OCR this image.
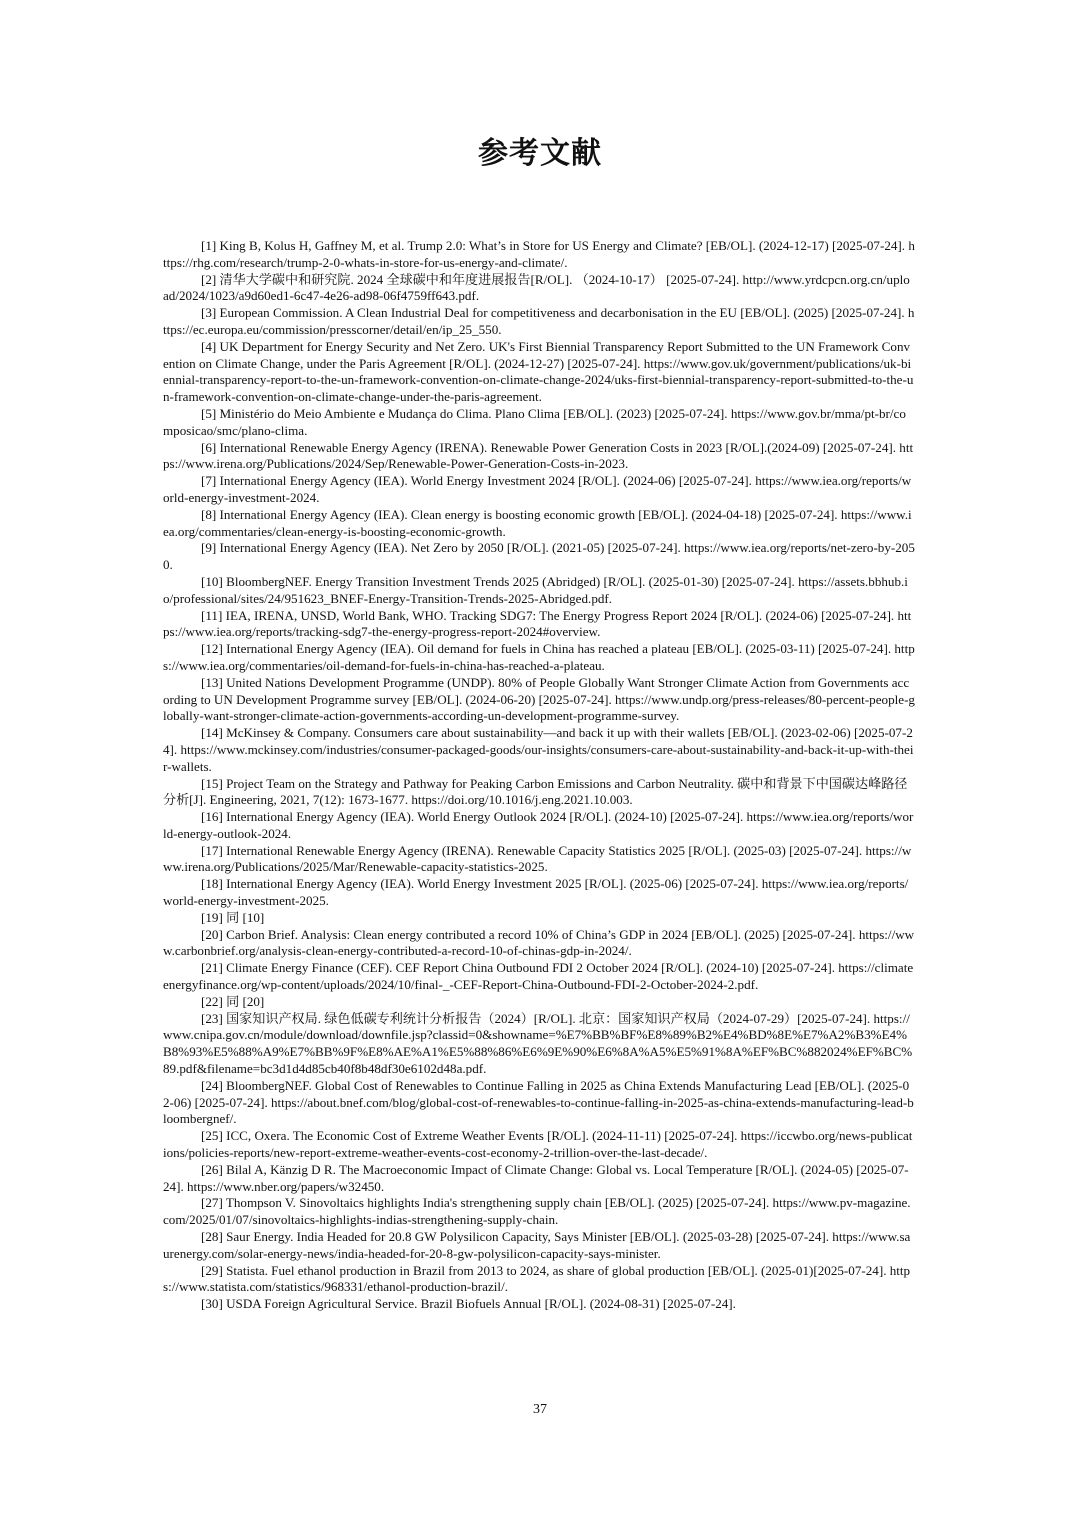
参考文献

[1] King B, Kolus H, Gaffney M, et al. Trump 2.0: What’s in Store for US Energy and Climate? [EB/OL]. (2024-12-17) [2025-07-24]. https://rhg.com/research/trump-2-0-whats-in-store-for-us-energy-and-climate/.

[2] 清华大学碳中和研究院. 2024 全球碳中和年度进展报告[R/OL]. （2024-10-17） [2025-07-24]. http://www.yrdcpcn.org.cn/upload/2024/1023/a9d60ed1-6c47-4e26-ad98-06f4759ff643.pdf.

[3] European Commission. A Clean Industrial Deal for competitiveness and decarbonisation in the EU [EB/OL]. (2025) [2025-07-24]. https://ec.europa.eu/commission/presscorner/detail/en/ip_25_550.

[4] UK Department for Energy Security and Net Zero. UK's First Biennial Transparency Report Submitted to the UN Framework Convention on Climate Change, under the Paris Agreement [R/OL]. (2024-12-27) [2025-07-24]. https://www.gov.uk/government/publications/uk-biennial-transparency-report-to-the-un-framework-convention-on-climate-change-2024/uks-first-biennial-transparency-report-submitted-to-the-un-framework-convention-on-climate-change-under-the-paris-agreement.

[5] Ministério do Meio Ambiente e Mudança do Clima. Plano Clima [EB/OL]. (2023) [2025-07-24]. https://www.gov.br/mma/pt-br/composicao/smc/plano-clima.

[6] International Renewable Energy Agency (IRENA). Renewable Power Generation Costs in 2023 [R/OL].(2024-09) [2025-07-24]. https://www.irena.org/Publications/2024/Sep/Renewable-Power-Generation-Costs-in-2023.

[7] International Energy Agency (IEA). World Energy Investment 2024 [R/OL]. (2024-06) [2025-07-24]. https://www.iea.org/reports/world-energy-investment-2024.

[8] International Energy Agency (IEA). Clean energy is boosting economic growth [EB/OL]. (2024-04-18) [2025-07-24]. https://www.iea.org/commentaries/clean-energy-is-boosting-economic-growth.

[9] International Energy Agency (IEA). Net Zero by 2050 [R/OL]. (2021-05) [2025-07-24]. https://www.iea.org/reports/net-zero-by-2050.

[10] BloombergNEF. Energy Transition Investment Trends 2025 (Abridged) [R/OL]. (2025-01-30) [2025-07-24]. https://assets.bbhub.io/professional/sites/24/951623_BNEF-Energy-Transition-Trends-2025-Abridged.pdf.

[11] IEA, IRENA, UNSD, World Bank, WHO. Tracking SDG7: The Energy Progress Report 2024 [R/OL]. (2024-06) [2025-07-24]. https://www.iea.org/reports/tracking-sdg7-the-energy-progress-report-2024#overview.

[12] International Energy Agency (IEA). Oil demand for fuels in China has reached a plateau [EB/OL]. (2025-03-11) [2025-07-24]. https://www.iea.org/commentaries/oil-demand-for-fuels-in-china-has-reached-a-plateau.

[13] United Nations Development Programme (UNDP). 80% of People Globally Want Stronger Climate Action from Governments according to UN Development Programme survey [EB/OL]. (2024-06-20) [2025-07-24]. https://www.undp.org/press-releases/80-percent-people-globally-want-stronger-climate-action-governments-according-un-development-programme-survey.

[14] McKinsey & Company. Consumers care about sustainability—and back it up with their wallets [EB/OL]. (2023-02-06) [2025-07-24]. https://www.mckinsey.com/industries/consumer-packaged-goods/our-insights/consumers-care-about-sustainability-and-back-it-up-with-their-wallets.

[15] Project Team on the Strategy and Pathway for Peaking Carbon Emissions and Carbon Neutrality. 碳中和背景下中国碳达峰路径分析[J]. Engineering, 2021, 7(12): 1673-1677. https://doi.org/10.1016/j.eng.2021.10.003.

[16] International Energy Agency (IEA). World Energy Outlook 2024 [R/OL]. (2024-10) [2025-07-24]. https://www.iea.org/reports/world-energy-outlook-2024.

[17] International Renewable Energy Agency (IRENA). Renewable Capacity Statistics 2025 [R/OL]. (2025-03) [2025-07-24]. https://www.irena.org/Publications/2025/Mar/Renewable-capacity-statistics-2025.

[18] International Energy Agency (IEA). World Energy Investment 2025 [R/OL]. (2025-06) [2025-07-24]. https://www.iea.org/reports/world-energy-investment-2025.

[19] 同 [10]

[20] Carbon Brief. Analysis: Clean energy contributed a record 10% of China’s GDP in 2024 [EB/OL]. (2025) [2025-07-24]. https://www.carbonbrief.org/analysis-clean-energy-contributed-a-record-10-of-chinas-gdp-in-2024/.

[21] Climate Energy Finance (CEF). CEF Report China Outbound FDI 2 October 2024 [R/OL]. (2024-10) [2025-07-24]. https://climateenergyfinance.org/wp-content/uploads/2024/10/final-_-CEF-Report-China-Outbound-FDI-2-October-2024-2.pdf.

[22] 同 [20]

[23] 国家知识产权局. 绿色低碳专利统计分析报告（2024）[R/OL]. 北京：国家知识产权局（2024-07-29）[2025-07-24]. https://www.cnipa.gov.cn/module/download/downfile.jsp?classid=0&showname=%E7%BB%BF%E8%89%B2%E4%BD%8E%E7%A2%B3%E4%B8%93%E5%88%A9%E7%BB%9F%E8%AE%A1%E5%88%86%E6%9E%90%E6%8A%A5%E5%91%8A%EF%BC%882024%EF%BC%89.pdf&filename=bc3d1d4d85cb40f8b48df30e6102d48a.pdf.

[24] BloombergNEF. Global Cost of Renewables to Continue Falling in 2025 as China Extends Manufacturing Lead [EB/OL]. (2025-02-06) [2025-07-24]. https://about.bnef.com/blog/global-cost-of-renewables-to-continue-falling-in-2025-as-china-extends-manufacturing-lead-bloombergnef/.

[25] ICC, Oxera. The Economic Cost of Extreme Weather Events [R/OL]. (2024-11-11) [2025-07-24]. https://iccwbo.org/news-publications/policies-reports/new-report-extreme-weather-events-cost-economy-2-trillion-over-the-last-decade/.

[26] Bilal A, Känzig D R. The Macroeconomic Impact of Climate Change: Global vs. Local Temperature [R/OL]. (2024-05) [2025-07-24]. https://www.nber.org/papers/w32450.

[27] Thompson V. Sinovoltaics highlights India's strengthening supply chain [EB/OL]. (2025) [2025-07-24]. https://www.pv-magazine.com/2025/01/07/sinovoltaics-highlights-indias-strengthening-supply-chain.

[28] Saur Energy. India Headed for 20.8 GW Polysilicon Capacity, Says Minister [EB/OL]. (2025-03-28) [2025-07-24]. https://www.saurenergy.com/solar-energy-news/india-headed-for-20-8-gw-polysilicon-capacity-says-minister.

[29] Statista. Fuel ethanol production in Brazil from 2013 to 2024, as share of global production [EB/OL]. (2025-01)[2025-07-24]. https://www.statista.com/statistics/968331/ethanol-production-brazil/.

[30] USDA Foreign Agricultural Service. Brazil Biofuels Annual [R/OL]. (2024-08-31) [2025-07-24].

37
